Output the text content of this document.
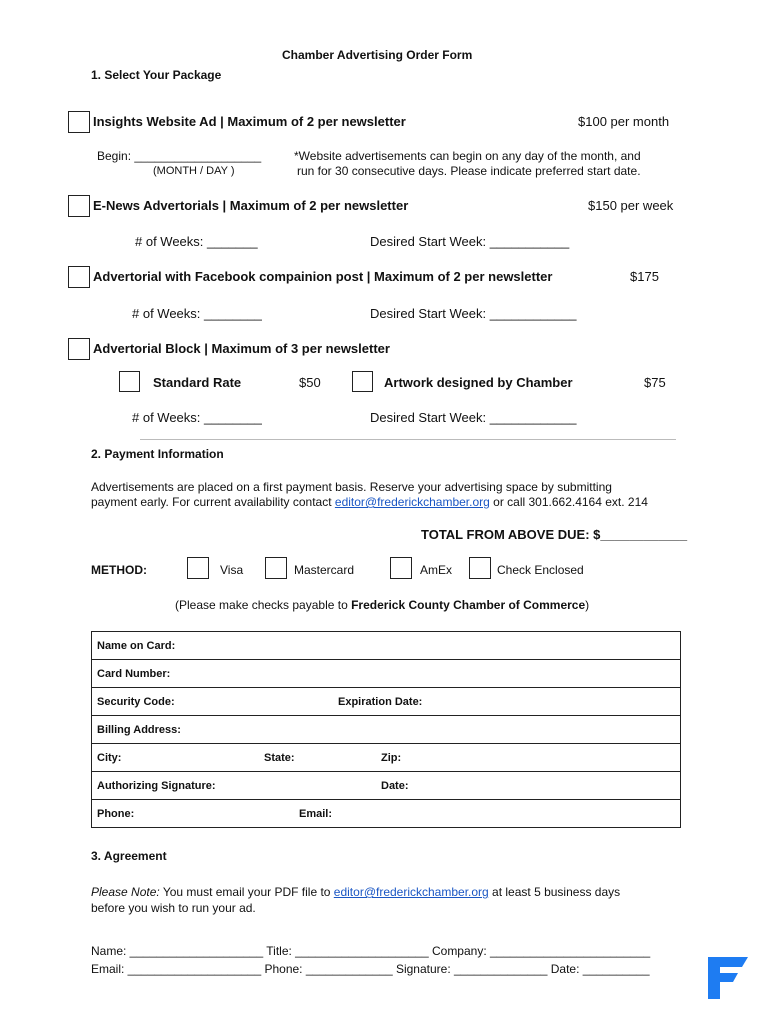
Chamber Advertising Order Form
1. Select Your Package
Insights Website Ad | Maximum of 2 per newsletter	$100 per month
Begin: ___________________
(MONTH / DAY )
*Website advertisements can begin on any day of the month, and
run for 30 consecutive days. Please indicate preferred start date.
E-News Advertorials | Maximum of 2 per newsletter	$150 per week
# of Weeks: _______	Desired Start Week: ___________
Advertorial with Facebook compainion post | Maximum of 2 per newsletter	$175
# of Weeks: ________	Desired Start Week: ____________
Advertorial Block | Maximum of 3 per newsletter
Standard Rate	$50	Artwork designed by Chamber	$75
# of Weeks: ________	Desired Start Week: ____________
2. Payment Information
Advertisements are placed on a first payment basis. Reserve your advertising space by submitting
payment early. For current availability contact editor@frederickchamber.org or call 301.662.4164 ext. 214
TOTAL FROM ABOVE DUE: $____________
METHOD:	Visa	Mastercard	AmEx	Check Enclosed
(Please make checks payable to Frederick County Chamber of Commerce)
Name on Card:

Card Number:

Security Code:	Expiration Date:

Billing Address:

City:	State:	Zip:

Authorizing Signature:	Date:

Phone:	Email:
3. Agreement
Please Note: You must email your PDF file to editor@frederickchamber.org at least 5 business days
before you wish to run your ad.
Name: ____________________ Title: ____________________ Company: ________________________
Email: ____________________ Phone: _____________ Signature: ______________ Date: __________
